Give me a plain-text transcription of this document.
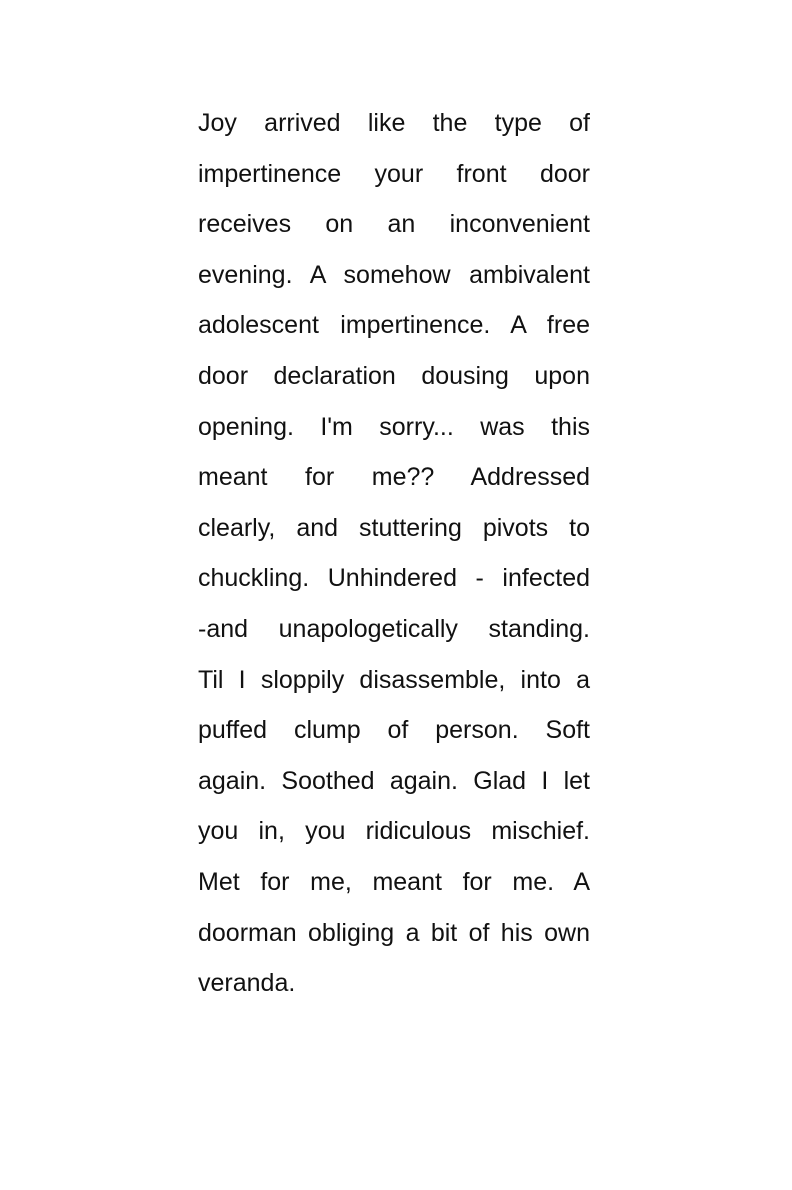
Joy arrived like the type of
impertinence your front door
receives on an inconvenient
evening. A somehow ambivalent
adolescent impertinence. A free
door declaration dousing upon
opening. I'm sorry... was this
meant for me?? Addressed
clearly, and stuttering pivots to
chuckling. Unhindered - infected
-and unapologetically standing.
Til I sloppily disassemble, into a
puffed clump of person. Soft
again. Soothed again. Glad I let
you in, you ridiculous mischief.
Met for me, meant for me. A
doorman obliging a bit of his own
veranda.
